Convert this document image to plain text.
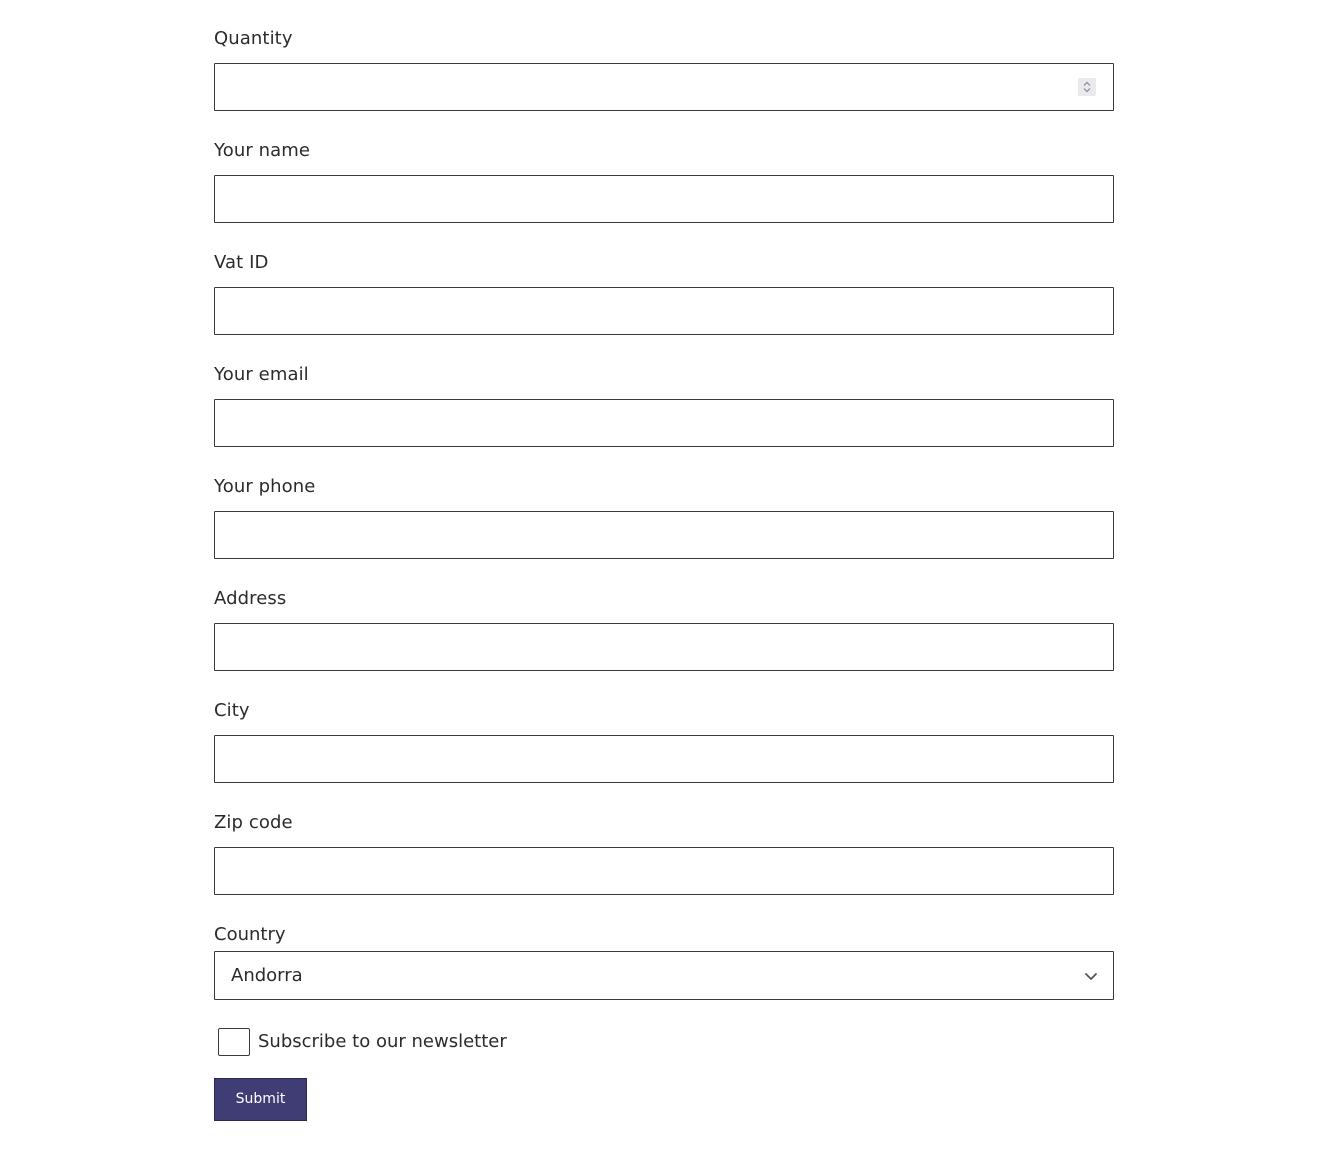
Quantity
Your name
Vat ID
Your email
Your phone
Address
City
Zip code
Country
Andorra
Subscribe to our newsletter
Submit
